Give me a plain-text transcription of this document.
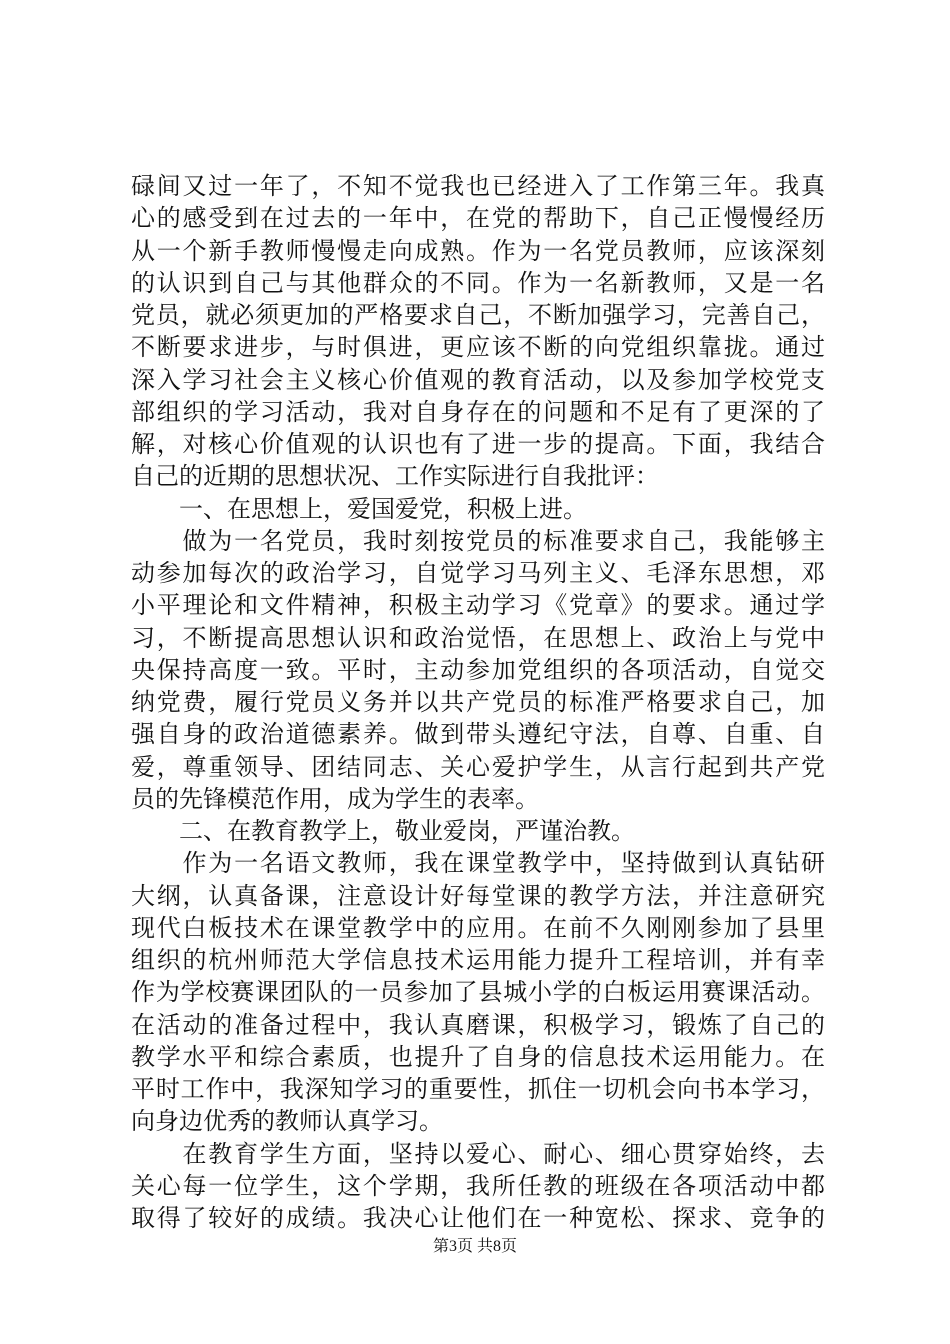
碌间又过一年了，不知不觉我也已经进入了工作第三年。我真
心的感受到在过去的一年中，在党的帮助下，自己正慢慢经历
从一个新手教师慢慢走向成熟。作为一名党员教师，应该深刻
的认识到自己与其他群众的不同。作为一名新教师，又是一名
党员，就必须更加的严格要求自己，不断加强学习，完善自己，
不断要求进步，与时俱进，更应该不断的向党组织靠拢。通过
深入学习社会主义核心价值观的教育活动，以及参加学校党支
部组织的学习活动，我对自身存在的问题和不足有了更深的了
解，对核心价值观的认识也有了进一步的提高。下面，我结合
自己的近期的思想状况、工作实际进行自我批评：
　　一、在思想上，爱国爱党，积极上进。
　　做为一名党员，我时刻按党员的标准要求自己，我能够主
动参加每次的政治学习，自觉学习马列主义、毛泽东思想，邓
小平理论和文件精神，积极主动学习《党章》的要求。通过学
习，不断提高思想认识和政治觉悟，在思想上、政治上与党中
央保持高度一致。平时，主动参加党组织的各项活动，自觉交
纳党费，履行党员义务并以共产党员的标准严格要求自己，加
强自身的政治道德素养。做到带头遵纪守法，自尊、自重、自
爱，尊重领导、团结同志、关心爱护学生，从言行起到共产党
员的先锋模范作用，成为学生的表率。
　　二、在教育教学上，敬业爱岗，严谨治教。
　　作为一名语文教师，我在课堂教学中，坚持做到认真钻研
大纲，认真备课，注意设计好每堂课的教学方法，并注意研究
现代白板技术在课堂教学中的应用。在前不久刚刚参加了县里
组织的杭州师范大学信息技术运用能力提升工程培训，并有幸
作为学校赛课团队的一员参加了县城小学的白板运用赛课活动。
在活动的准备过程中，我认真磨课，积极学习，锻炼了自己的
教学水平和综合素质，也提升了自身的信息技术运用能力。在
平时工作中，我深知学习的重要性，抓住一切机会向书本学习，
向身边优秀的教师认真学习。
　　在教育学生方面，坚持以爱心、耐心、细心贯穿始终，去
关心每一位学生，这个学期，我所任教的班级在各项活动中都
取得了较好的成绩。我决心让他们在一种宽松、探求、竞争的
第3页 共8页
